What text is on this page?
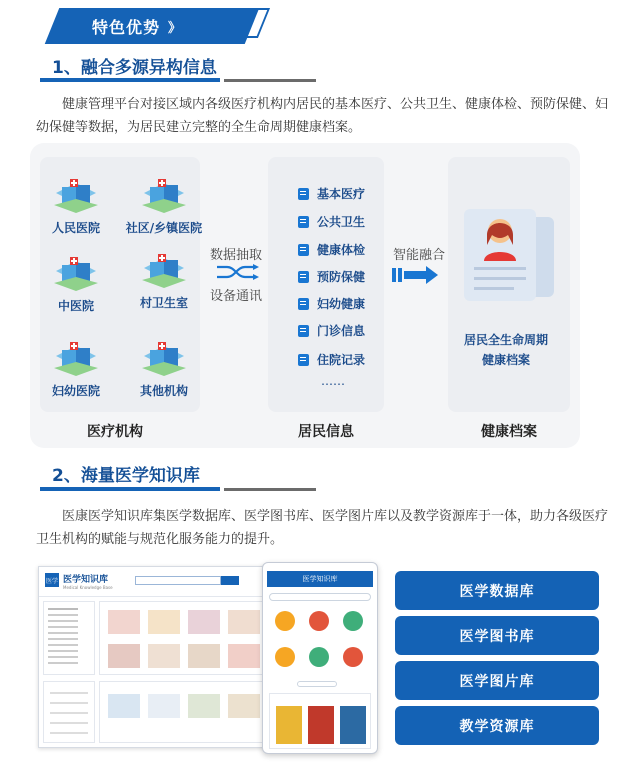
特色优势 》
1、融合多源异构信息
健康管理平台对接区域内各级医疗机构内居民的基本医疗、公共卫生、健康体检、预防保健、妇幼保健等数据，为居民建立完整的全生命周期健康档案。
人民医院	社区/乡镇医院
中医院	村卫生室
妇幼医院	其他机构
数据抽取
设备通讯
基本医疗
公共卫生
健康体检
预防保健
妇幼健康
门诊信息
住院记录
……
智能融合
居民全生命周期
健康档案
医疗机构	居民信息	健康档案
2、海量医学知识库
医康医学知识库集医学数据库、医学图书库、医学图片库以及教学资源库于一体，助力各级医疗卫生机构的赋能与规范化服务能力的提升。
医学 医学知识库
Medical Knowledge Base
医学知识库
医学数据库
医学图书库
医学图片库
教学资源库
